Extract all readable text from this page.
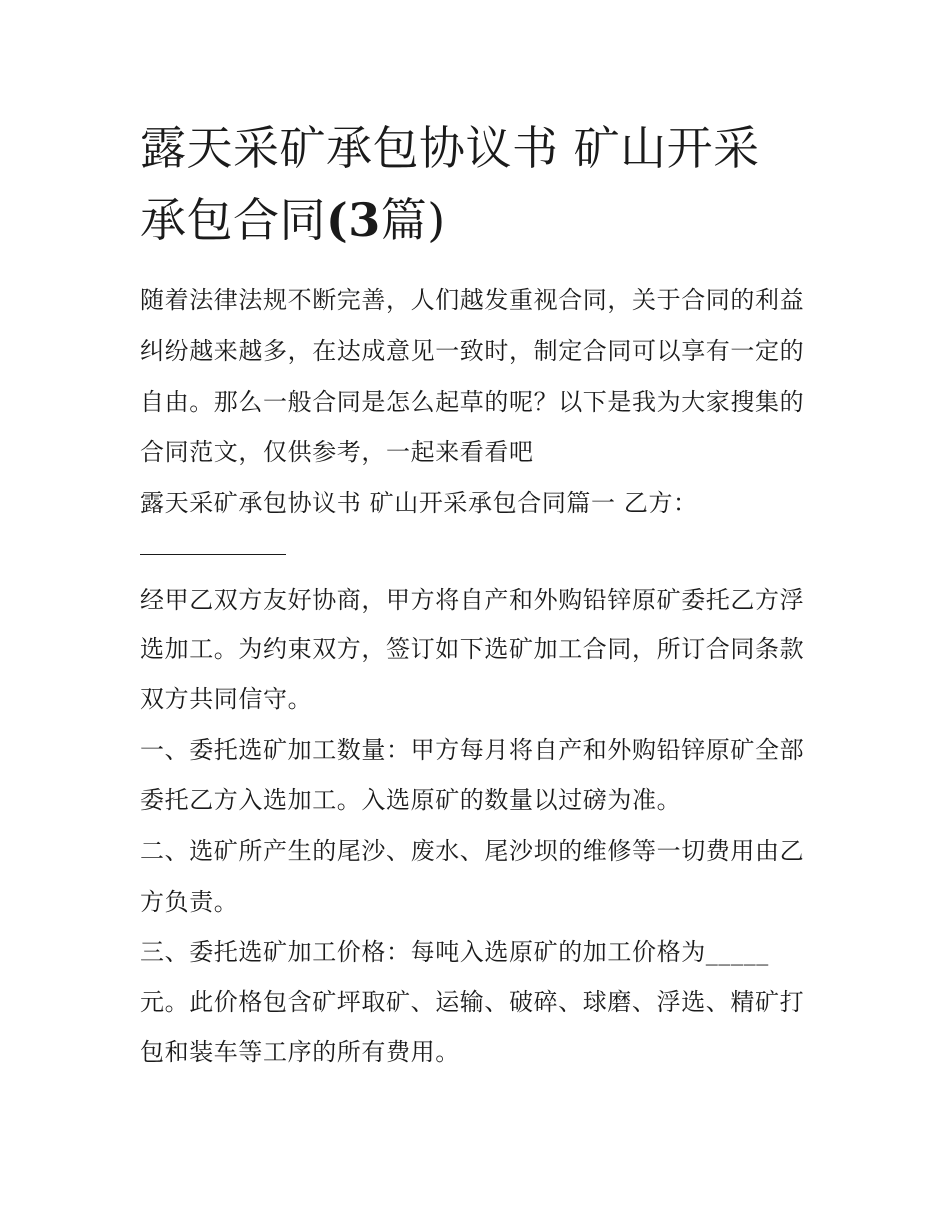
露天采矿承包协议书 矿山开采
承包合同(3篇)

随着法律法规不断完善，人们越发重视合同，关于合同的利益

纠纷越来越多，在达成意见一致时，制定合同可以享有一定的

自由。那么一般合同是怎么起草的呢？以下是我为大家搜集的

合同范文，仅供参考，一起来看看吧

露天采矿承包协议书 矿山开采承包合同篇一 乙方：

经甲乙双方友好协商，甲方将自产和外购铅锌原矿委托乙方浮

选加工。为约束双方，签订如下选矿加工合同，所订合同条款

双方共同信守。

一、委托选矿加工数量：甲方每月将自产和外购铅锌原矿全部

委托乙方入选加工。入选原矿的数量以过磅为准。

二、选矿所产生的尾沙、废水、尾沙坝的维修等一切费用由乙

方负责。

三、委托选矿加工价格：每吨入选原矿的加工价格为_____

元。此价格包含矿坪取矿、运输、破碎、球磨、浮选、精矿打

包和装车等工序的所有费用。
